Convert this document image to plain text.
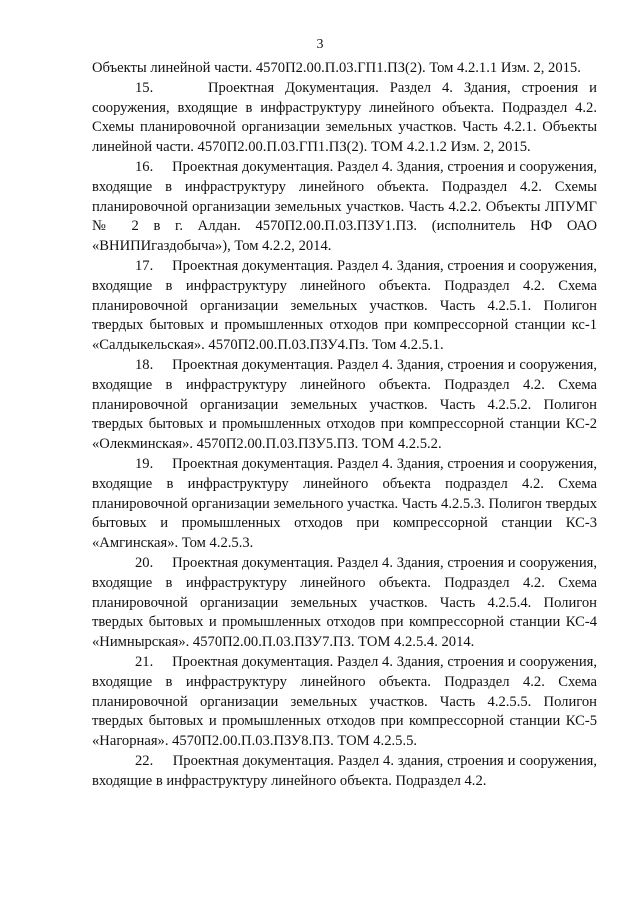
3

Объекты линейной части. 4570П2.00.П.03.ГП1.ПЗ(2). Том 4.2.1.1 Изм. 2, 2015.

15.	Проектная Документация. Раздел 4. Здания, строения и сооружения, входящие в инфраструктуру линейного объекта. Подраздел 4.2. Схемы планировочной организации земельных участков. Часть 4.2.1. Объекты линейной части. 4570П2.00.П.03.ГП1.ПЗ(2). ТОМ 4.2.1.2 Изм. 2, 2015.

16. Проектная документация. Раздел 4. Здания, строения и сооружения, входящие в инфраструктуру линейного объекта. Подраздел 4.2. Схемы планировочной организации земельных участков. Часть 4.2.2. Объекты ЛПУМГ № 2 в г. Алдан. 4570П2.00.П.03.ПЗУ1.ПЗ. (исполнитель НФ ОАО «ВНИПИгаздобыча»), Том 4.2.2, 2014.

17. Проектная документация. Раздел 4. Здания, строения и сооружения, входящие в инфраструктуру линейного объекта. Подраздел 4.2. Схема планировочной организации земельных участков. Часть 4.2.5.1. Полигон твердых бытовых и промышленных отходов при компрессорной станции кс-1 «Салдыкельская». 4570П2.00.П.03.ПЗУ4.Пз. Том 4.2.5.1.

18. Проектная документация. Раздел 4. Здания, строения и сооружения, входящие в инфраструктуру линейного объекта. Подраздел 4.2. Схема планировочной организации земельных участков. Часть 4.2.5.2. Полигон твердых бытовых и промышленных отходов при компрессорной станции КС-2 «Олекминская». 4570П2.00.П.03.ПЗУ5.ПЗ. ТОМ 4.2.5.2.

19. Проектная документация. Раздел 4. Здания, строения и сооружения, входящие в инфраструктуру линейного объекта подраздел 4.2. Схема планировочной организации земельного участка. Часть 4.2.5.3. Полигон твердых бытовых и промышленных отходов при компрессорной станции КС-3 «Амгинская». Том 4.2.5.3.

20. Проектная документация. Раздел 4. Здания, строения и сооружения, входящие в инфраструктуру линейного объекта. Подраздел 4.2. Схема планировочной организации земельных участков. Часть 4.2.5.4. Полигон твердых бытовых и промышленных отходов при компрессорной станции КС-4 «Нимнырская». 4570П2.00.П.03.ПЗУ7.ПЗ. ТОМ 4.2.5.4. 2014.

21. Проектная документация. Раздел 4. Здания, строения и сооружения, входящие в инфраструктуру линейного объекта. Подраздел 4.2. Схема планировочной организации земельных участков. Часть 4.2.5.5. Полигон твердых бытовых и промышленных отходов при компрессорной станции КС-5 «Нагорная». 4570П2.00.П.03.ПЗУ8.ПЗ. ТОМ 4.2.5.5.

22. Проектная документация. Раздел 4. здания, строения и сооружения, входящие в инфраструктуру линейного объекта. Подраздел 4.2.
